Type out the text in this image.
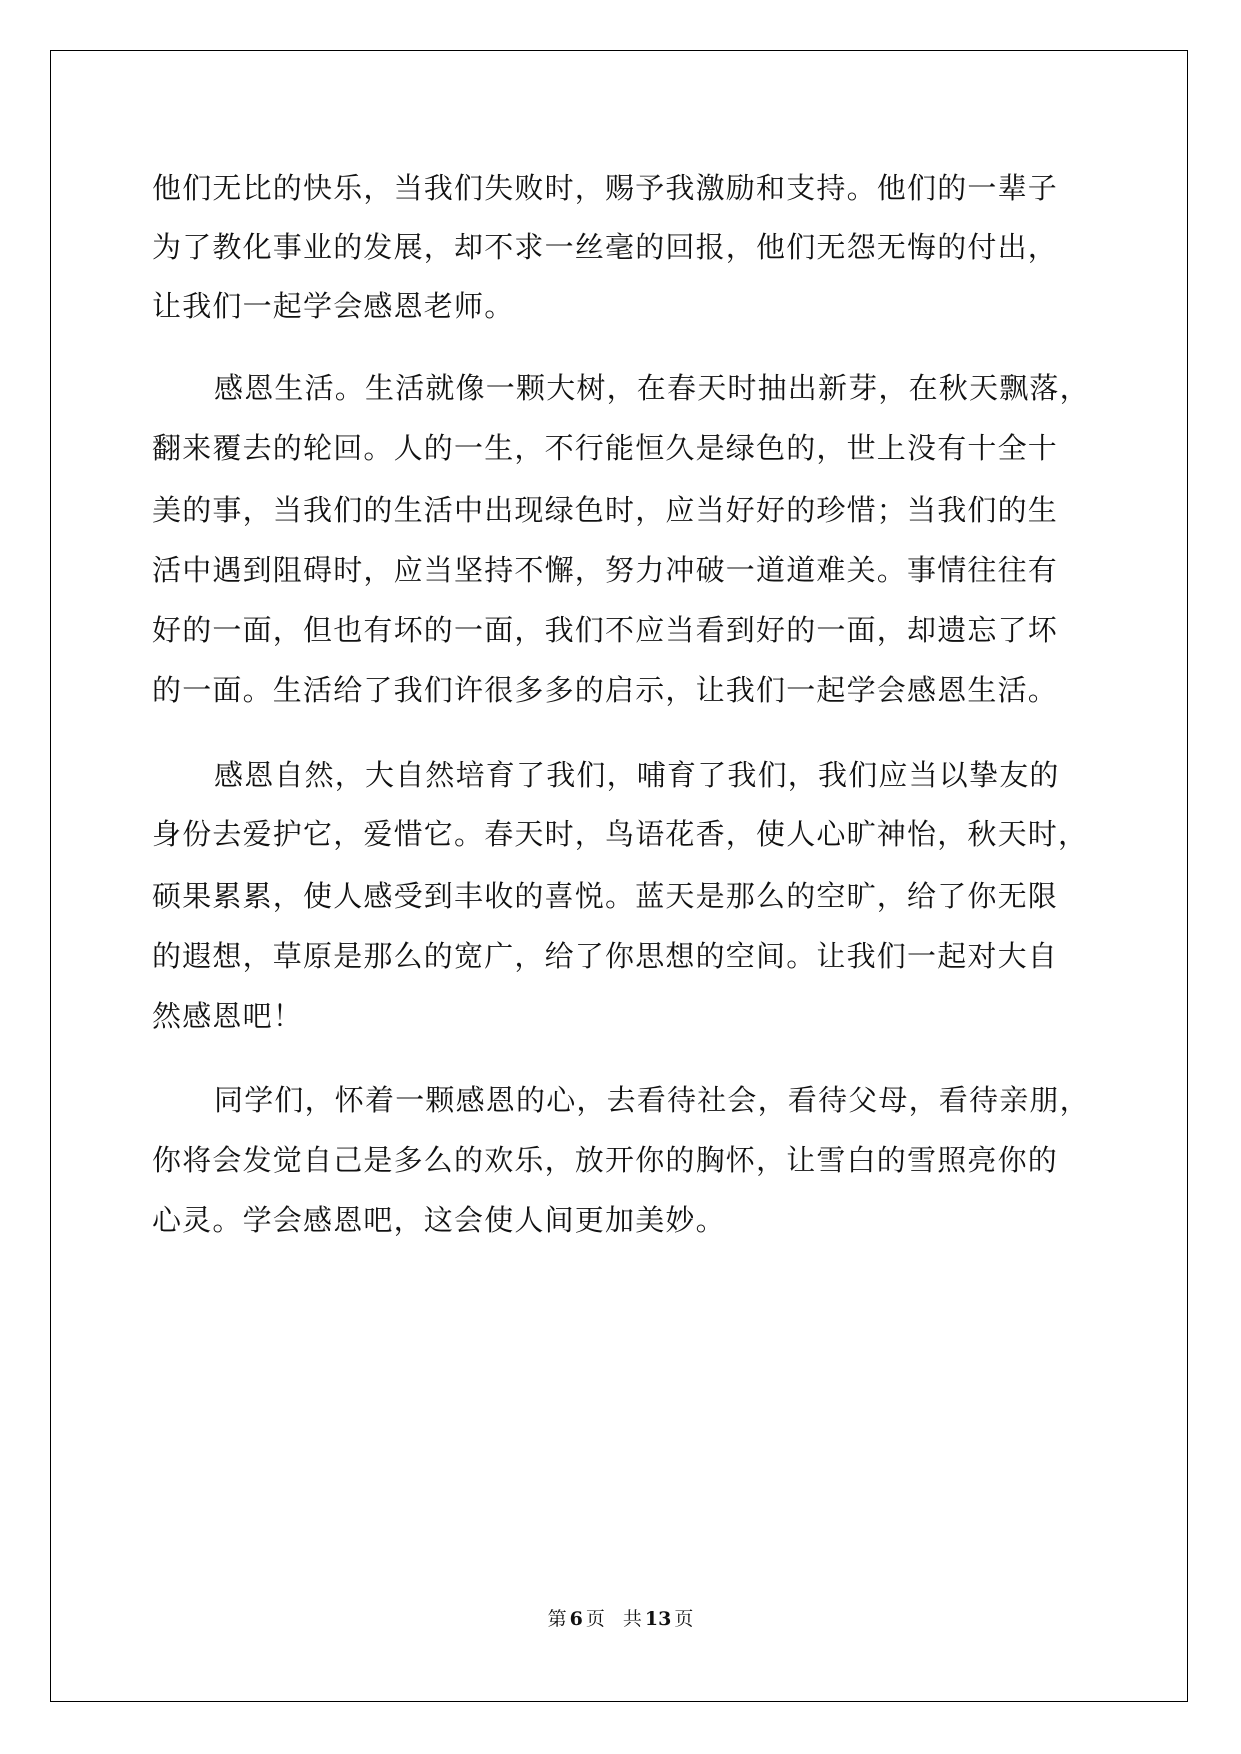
他们无比的快乐，当我们失败时，赐予我激励和支持。他们的一辈子

为了教化事业的发展，却不求一丝毫的回报，他们无怨无悔的付出，

让我们一起学会感恩老师。

感恩生活。生活就像一颗大树，在春天时抽出新芽，在秋天飘落，

翻来覆去的轮回。人的一生，不行能恒久是绿色的，世上没有十全十

美的事，当我们的生活中出现绿色时，应当好好的珍惜；当我们的生

活中遇到阻碍时，应当坚持不懈，努力冲破一道道难关。事情往往有

好的一面，但也有坏的一面，我们不应当看到好的一面，却遗忘了坏

的一面。生活给了我们许很多多的启示，让我们一起学会感恩生活。

感恩自然，大自然培育了我们，哺育了我们，我们应当以挚友的

身份去爱护它，爱惜它。春天时，鸟语花香，使人心旷神怡，秋天时，

硕果累累，使人感受到丰收的喜悦。蓝天是那么的空旷，给了你无限

的遐想，草原是那么的宽广，给了你思想的空间。让我们一起对大自

然感恩吧！

同学们，怀着一颗感恩的心，去看待社会，看待父母，看待亲朋，

你将会发觉自己是多么的欢乐，放开你的胸怀，让雪白的雪照亮你的

心灵。学会感恩吧，这会使人间更加美妙。

第 6 页 共 13 页
